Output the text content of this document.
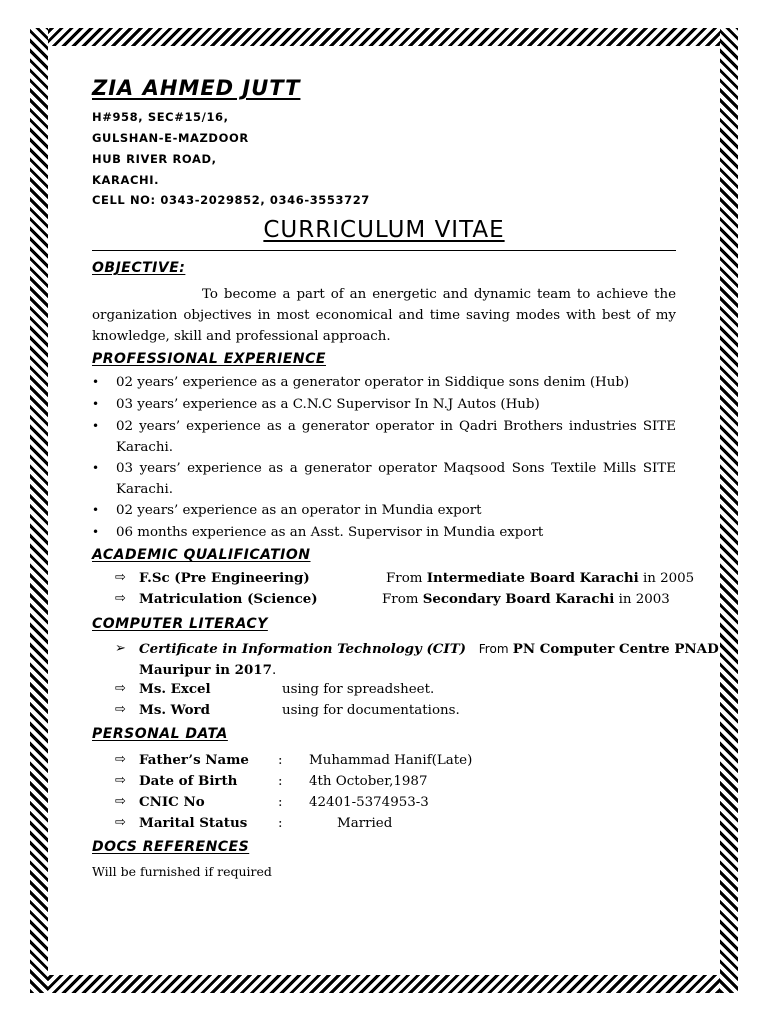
ZIA AHMED JUTT
H#958, SEC#15/16,
GULSHAN-E-MAZDOOR
HUB RIVER ROAD,
KARACHI.
CELL NO: 0343-2029852, 0346-3553727
CURRICULUM VITAE
OBJECTIVE:
To become a part of an energetic and dynamic team to achieve the organization objectives in most economical and time saving modes with best of my knowledge, skill and professional approach.
PROFESSIONAL EXPERIENCE
• 02 years’ experience as a generator operator in Siddique sons denim (Hub)
• 03 years’ experience as a C.N.C Supervisor In N.J Autos (Hub)
• 02 years’ experience as a generator operator in Qadri Brothers industries SITE Karachi.
• 03 years’ experience as a generator operator Maqsood Sons Textile Mills SITE Karachi.
• 02 years’ experience as an operator in Mundia export
• 06 months experience as an Asst. Supervisor in Mundia export
ACADEMIC QUALIFICATION
⇨ F.Sc (Pre Engineering)	From Intermediate Board Karachi in 2005
⇨ Matriculation (Science)	From Secondary Board Karachi in 2003
COMPUTER LITERACY
➢ Certificate in Information Technology (CIT) From PN Computer Centre PNAD
Mauripur in 2017.
⇨ Ms. Excel	using for spreadsheet.
⇨ Ms. Word	using for documentations.
PERSONAL DATA
⇨ Father’s Name : Muhammad Hanif(Late)
⇨ Date of Birth	: 4th October,1987
⇨ CNIC No	: 42401-5374953-3
⇨ Marital Status :	Married
DOCS REFERENCES
Will be furnished if required
